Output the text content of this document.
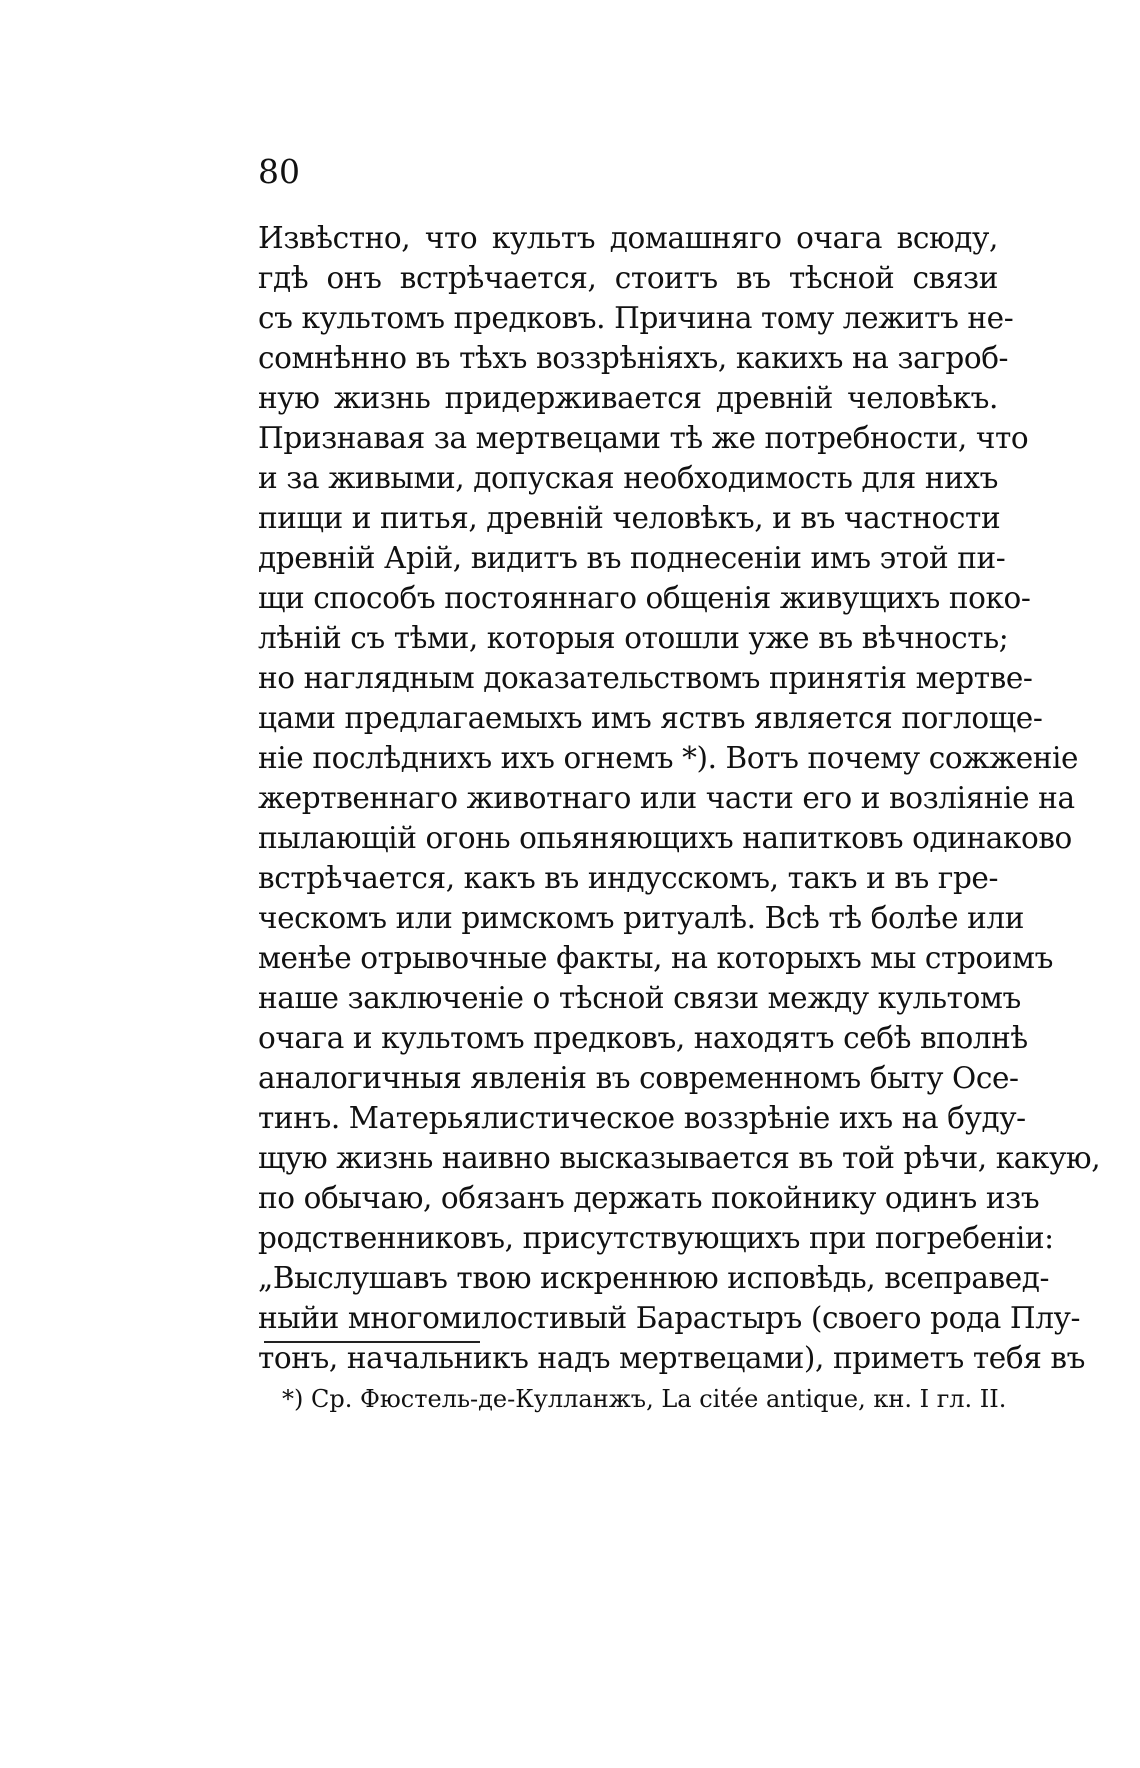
80
Извѣстно, что культъ домашняго очага всюду,
гдѣ онъ встрѣчается, стоитъ въ тѣсной связи
съ культомъ предковъ. Причина тому лежитъ не-
сомнѣнно въ тѣхъ воззрѣніяхъ, какихъ на загроб-
ную жизнь придерживается древній человѣкъ.
Признавая за мертвецами тѣ же потребности, что
и за живыми, допуская необходимость для нихъ
пищи и питья, древній человѣкъ, и въ частности
древній Арій, видитъ въ поднесеніи имъ этой пи-
щи способъ постояннаго общенія живущихъ поко-
лѣній съ тѣми, которыя отошли уже въ вѣчность;
но наглядным доказательствомъ принятія мертве-
цами предлагаемыхъ имъ яствъ является поглоще-
ніе послѣднихъ ихъ огнемъ *). Вотъ почему сожженіе
жертвеннаго животнаго или части его и возліяніе на
пылающій огонь опьяняющихъ напитковъ одинаково
встрѣчается, какъ въ индусскомъ, такъ и въ гре-
ческомъ или римскомъ ритуалѣ. Всѣ тѣ болѣе или
менѣе отрывочные факты, на которыхъ мы строимъ
наше заключеніе о тѣсной связи между культомъ
очага и культомъ предковъ, находятъ себѣ вполнѣ
аналогичныя явленія въ современномъ быту Осе-
тинъ. Матерьялистическое воззрѣніе ихъ на буду-
щую жизнь наивно высказывается въ той рѣчи, какую,
по обычаю, обязанъ держать покойнику одинъ изъ
родственниковъ, присутствующихъ при погребеніи:
„Выслушавъ твою искреннюю исповѣдь, всеправед-
ныйи многомилостивый Барастыръ (своего рода Плу-
тонъ, начальникъ надъ мертвецами), приметъ тебя въ
*) Ср. Фюстель-де-Кулланжъ, La citée antique, кн. I гл. II.
